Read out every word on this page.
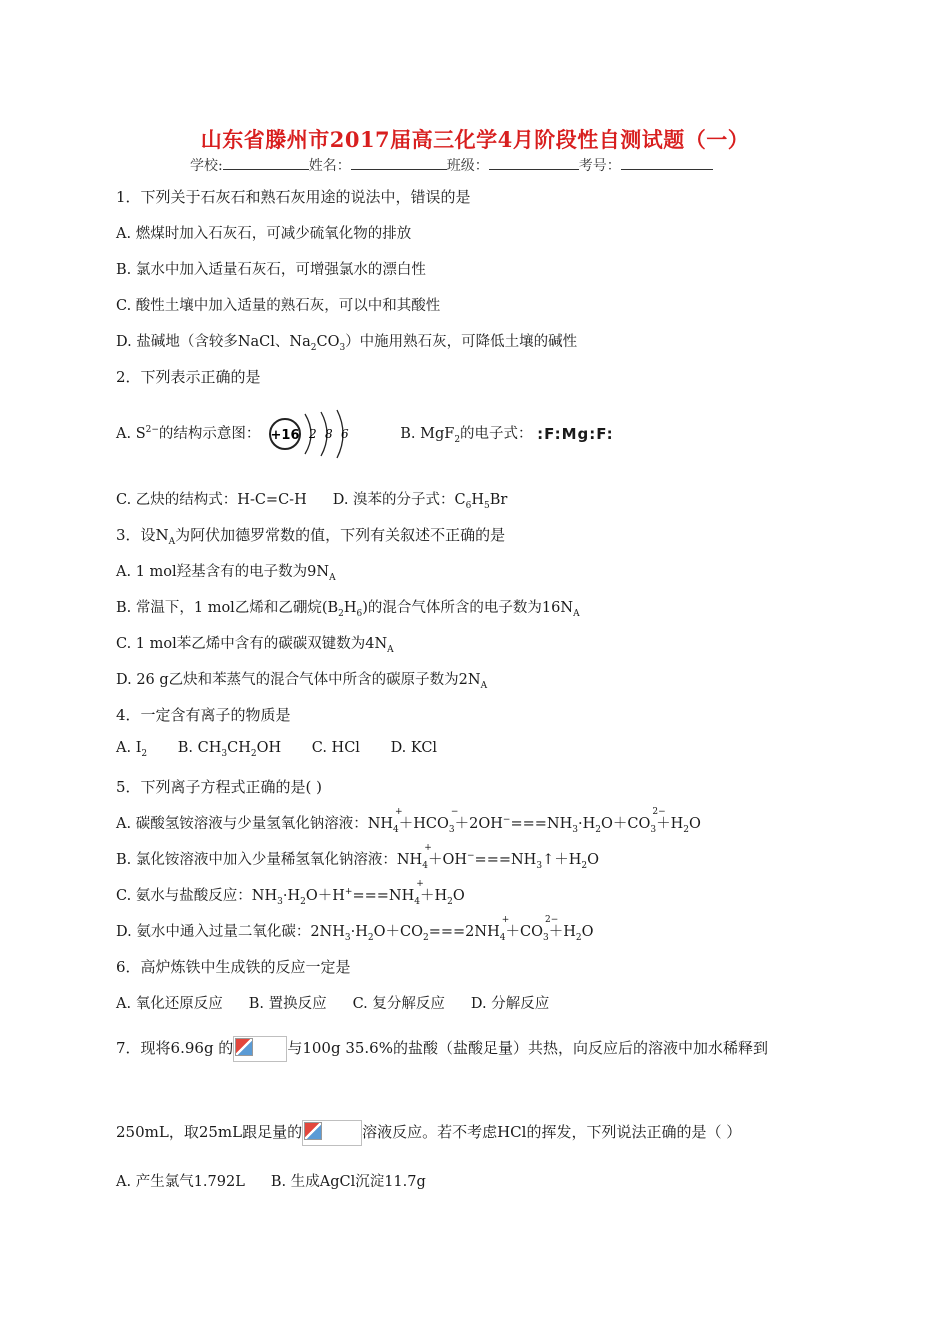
山东省滕州市2017届高三化学4月阶段性自测试题（一）
学校:	姓名：	班级：	考号：
1．下列关于石灰石和熟石灰用途的说法中，错误的是
A. 燃煤时加入石灰石，可减少硫氧化物的排放
B. 氯水中加入适量石灰石，可增强氯水的漂白性
C. 酸性土壤中加入适量的熟石灰，可以中和其酸性
D. 盐碱地（含较多NaCl、$Na_2CO_3$）中施用熟石灰，可降低土壤的碱性
2．下列表示正确的是
A. $S^{2-}$的结构示意图： +16 2 8 6	B. MgF$_2$的电子式： :F:Mg:F:
C. 乙炔的结构式：H-C=C-H D. 溴苯的分子式：$C_6H_5Br$
3．设$N_A$为阿伏加德罗常数的值，下列有关叙述不正确的是
A. 1 mol羟基含有的电子数为$9N_A$
B. 常温下，1 mol乙烯和乙硼烷$(B_2H_6)$的混合气体所含的电子数为$16N_A$
C. 1 mol苯乙烯中含有的碳碳双键数为$4N_A$
D. 26 g乙炔和苯蒸气的混合气体中所含的碳原子数为$2N_A$
4．一定含有离子的物质是
A. $I_2$ B. $CH_3CH_2OH$ C. HCl D. KCl
5．下列离子方程式正确的是( )
A. 碳酸氢铵溶液与少量氢氧化钠溶液：$NH_4$
+
$+HCO_3$
−
$+2OH^-===NH_3\cdot H_2O+CO_3$
2−
$+H_2O$
B. 氯化铵溶液中加入少量稀氢氧化钠溶液：$NH_4$
+
$+OH^-===NH_3↑+H_2O$
C. 氨水与盐酸反应：$NH_3\cdot H_2O+H^+===NH_4$
+
$+H_2O$
D. 氨水中通入过量二氧化碳：$2NH_3\cdot H_2O+CO_2===2NH_4$
+
$+CO_3$
2−
$+H_2O$
6．高炉炼铁中生成铁的反应一定是
A. 氧化还原反应 B. 置换反应 C. 复分解反应 D. 分解反应
7．现将6.96g 的	与100g 35.6%的盐酸（盐酸足量）共热，向反应后的溶液中加水稀释到
250mL，取25mL跟足量的	溶液反应。若不考虑HCl的挥发，下列说法正确的是（ ）
A. 产生氯气1.792L B. 生成AgCl沉淀11.7g
